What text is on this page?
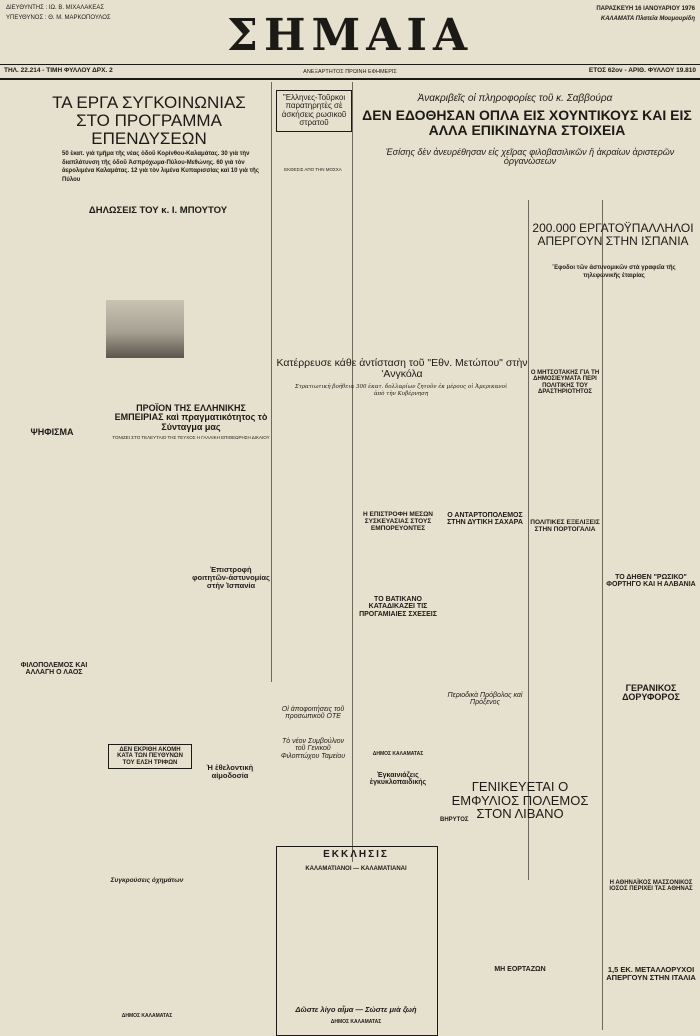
ΔΙΕΥΘΥΝΤΗΣ : ΙΩ. Β. ΜΙΧΑΛΑΚΕΑΣ
ΥΠΕΥΘΥΝΟΣ : Θ. Μ. ΜΑΡΚΟΠΟΥΛΟΣ	ΣΗΜΑΙΑ
ΠΑΡΑΣΚΕΥΗ 16 ΙΑΝΟΥΑΡΙΟΥ 1976
ΚΑΛΑΜΑΤΑ Πλατεῖα Μουμουρίδη
ΤΗΛ. 22.214 - ΤΙΜΗ ΦΥΛΛΟΥ ΔΡΧ. 2	ΑΝΕΞΑΡΤΗΤΟΣ ΠΡΩΙΝΗ ΕΦΗΜΕΡΙΣ	ΕΤΟΣ 62ον - ΑΡΙΘ. ΦΥΛΛΟΥ 19.810
ΤΑ ΕΡΓΑ ΣΥΓΚΟΙΝΩΝΙΑΣ ΣΤΟ ΠΡΟΓΡΑΜΜΑ ΕΠΕΝΔΥΣΕΩΝ
50 ἑκατ. γιὰ τμῆμα τῆς νέας ὁδοῦ Κορίνθου-Καλαμάτας. 30 γιὰ τὴν διαπλάτυνση τῆς ὁδοῦ Ἀσπρόχωμα-Πύλου-Μεθώνης. 60 γιὰ τὸν ἀερολιμένα Καλαμάτας. 12 γιὰ τὸν λιμένα Κυπαρισσίας καὶ 10 γιὰ τῆς Πύλου
ΔΗΛΩΣΕΙΣ ΤΟΥ κ. Ι. ΜΠΟΥΤΟΥ
ΨΗΦΙΣΜΑ
ΠΡΟΪΟΝ ΤΗΣ ΕΛΛΗΝΙΚΗΣ ΕΜΠΕΙΡΙΑΣ καὶ πραγματικότητος τὸ Σύνταγμα μας
ΤΟΝΙΖΕΙ ΣΤΟ ΤΕΛΕΥΤΑΙΟ ΤΗΣ ΤΕΥΧΟΣ Η ΓΑΛΛΙΚΗ ΕΠΙΘΕΩΡΗΣΗ ΔΙΚΑΙΟΥ
ΦΙΛΟΠΟΛΕΜΟΣ ΚΑΙ ΑΛΛΑΓΗ Ο ΛΑΟΣ
Ἐπιστροφὴ φοιτητῶν-ἀστυνομίας στὴν Ἰσπανία
ΔΕΝ ΕΚΡΙΘΗ ΑΚΟΜΗ ΚΑΤΑ ΤΩΝ ΠΕΥΘΥΝΩΝ ΤΟΥ ΕΛΣΗ ΤΡΙΦΩΝ
Ἡ ἐθελοντικὴ αἱμοδοσία
Συγκρούσεις ὀχημάτων
ΔΗΜΟΣ ΚΑΛΑΜΑΤΑΣ
"Ελληνες-Τοῦρκοι παρατηρητὲς σὲ ἀσκήσεις ρωσικοῦ στρατοῦ
ΕΚΘΕΣΙΣ ΑΠΟ ΤΗΝ ΜΟΣΧΑ
Ἀνακριβεῖς οἱ πληροφορίες τοῦ κ. Σαββούρα
ΔΕΝ ΕΔΟΘΗΣΑΝ ΟΠΛΑ ΕΙΣ ΧΟΥΝΤΙΚΟΥΣ ΚΑΙ ΕΙΣ ΑΛΛΑ ΕΠΙΚΙΝΔΥΝΑ ΣΤΟΙΧΕΙΑ
Ἐσίσης δὲν ἀνευρέθησαν εἰς χεῖρας φιλοβασιλικῶν ἢ ἀκραίων ἀριστερῶν ὀργανώσεων
Κατέρρευσε κάθε ἀντίσταση τοῦ "Εθν. Μετώπου" στὴν 'Ανγκόλα
Στρατιωτικὴ βοήθεια 300 ἑκατ. δολλαρίων ζητοῦν ἐκ μέρους οἱ Ἀμερικανοὶ ἀπὸ τὴν Κυβέρνηση
200.000 ΕΡΓΑΤΟΫΠΑΛΛΗΛΟΙ ΑΠΕΡΓΟΥΝ ΣΤΗΝ ΙΣΠΑΝΙΑ
Ἔφοδοι τῶν ἀστυνομικῶν στὰ γραφεῖα τῆς τηλεφωνικῆς ἑταιρίας
Η ΕΠΙΣΤΡΟΦΗ ΜΕΣΩΝ ΣΥΣΚΕΥΑΣΙΑΣ ΣΤΟΥΣ ΕΜΠΟΡΕΥΟΝΤΕΣ
ΤΟ ΒΑΤΙΚΑΝΟ ΚΑΤΑΔΙΚΑΖΕΙ ΤΙΣ ΠΡΟΓΑΜΙΑΙΕΣ ΣΧΕΣΕΙΣ
Ο ΑΝΤΑΡΤΟΠΟΛΕΜΟΣ ΣΤΗΝ ΔΥΤΙΚΗ ΣΑΧΑΡΑ
Περιοδικὰ Πρόβολος καὶ Πρόξενος
Οἱ ἀποφοιτήσεις τοῦ προσωπικοῦ ΟΤΕ
Τὸ νέον Συμβούλιον τοῦ Γενικοῦ Φιλοπτώχου Ταμείου	ΔΗΜΟΣ ΚΑΛΑΜΑΤΑΣ
Ἐγκαινιάζεις ἐγκυκλοπαιδικής
Ο ΜΗΤΣΟΤΑΚΗΣ ΓΙΑ ΤΗ ΔΗΜΟΣΙΕΥΜΑΤΑ ΠΕΡΙ ΠΟΛΙΤΙΚΗΣ ΤΟΥ ΔΡΑΣΤΗΡΙΟΤΗΤΟΣ
ΠΟΛΙΤΙΚΕΣ ΕΞΕΛΙΞΕΙΣ ΣΤΗΝ ΠΟΡΤΟΓΑΛΙΑ
ΤΟ ΔΗΘΕΝ "ΡΩΣΙΚΟ" ΦΟΡΤΗΓΟ ΚΑΙ Η ΑΛΒΑΝΙΑ
ΓΕΡΑΝΙΚΟΣ ΔΟΡΥΦΟΡΟΣ
Η ΑΘΗΝΑΪΚΟΣ ΜΑΣΣΟΝΙΚΟΣ ΙΟΣΟΣ ΠΕΡΙΧΕΙ ΤΑΣ ΑΘΗΝΑΣ
1,5 ΕΚ. ΜΕΤΑΛΛΟΡΥΧΟΙ ΑΠΕΡΓΟΥΝ ΣΤΗΝ ΙΤΑΛΙΑ
ΓΕΝΙΚΕΥΕΤΑΙ Ο ΕΜΦΥΛΙΟΣ ΠΟΛΕΜΟΣ ΣΤΟΝ ΛΙΒΑΝΟ
ΒΗΡΥΤΟΣ
ΕΚΚΛΗΣΙΣ
ΚΑΛΑΜΑΤΙΑΝΟΙ — ΚΑΛΑΜΑΤΙΑΝΑΙ
Δῶστε λίγο αἷμα — Σώστε μιὰ ζωὴ
ΔΗΜΟΣ ΚΑΛΑΜΑΤΑΣ
ΜΗ ΕΟΡΤΑΖΩΝ
